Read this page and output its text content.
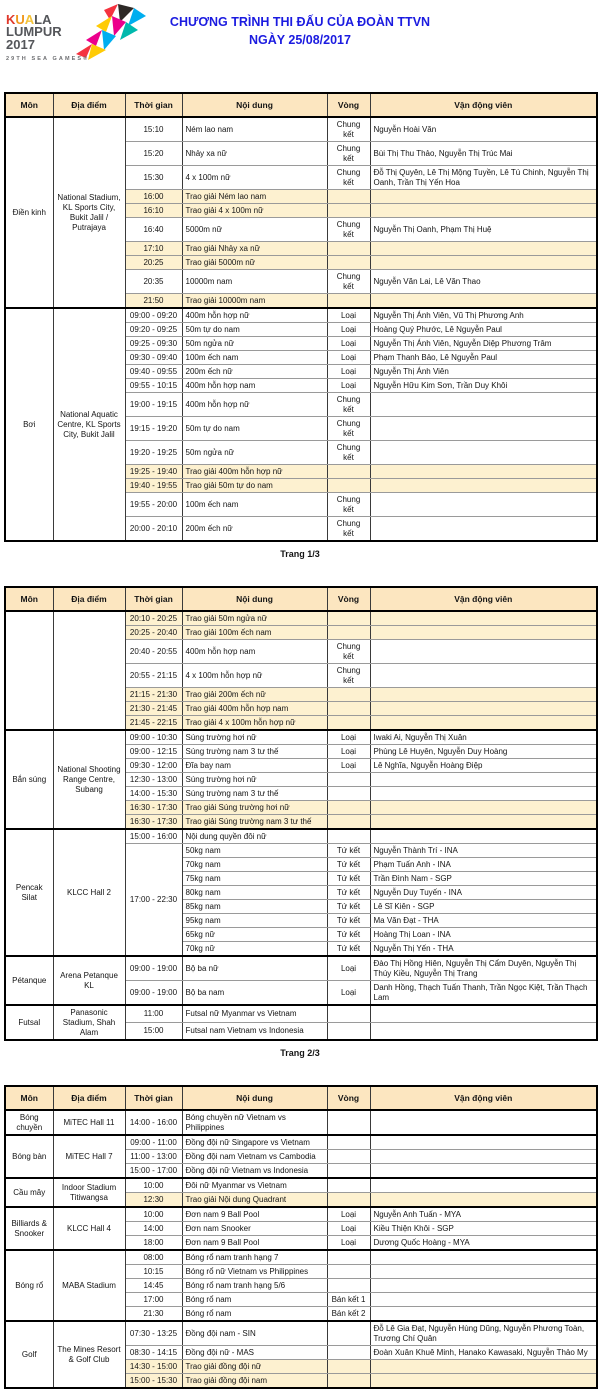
KUALA
LUMPUR
2017
29TH SEA GAMES®
CHƯƠNG TRÌNH THI ĐẤU CỦA ĐOÀN TTVN
NGÀY 25/08/2017
Môn	Địa điểm	Thời gian	Nội dung	Vòng	Vận động viên
Điền kinh	National Stadium, KL Sports City, Bukit Jalil / Putrajaya	15:10	Ném lao nam	Chung kết	Nguyễn Hoài Văn
		15:20	Nhảy xa nữ	Chung kết	Bùi Thị Thu Thảo, Nguyễn Thị Trúc Mai
		15:30	4 x 100m nữ	Chung kết	Đỗ Thị Quyên, Lê Thị Mộng Tuyền, Lê Tú Chinh, Nguyễn Thị Oanh, Trần Thị Yến Hoa
		16:00	Trao giải Ném lao nam		
		16:10	Trao giải 4 x 100m nữ		
		16:40	5000m nữ	Chung kết	Nguyễn Thị Oanh, Phạm Thị Huệ
		17:10	Trao giải Nhảy xa nữ		
		20:25	Trao giải 5000m nữ		
		20:35	10000m nam	Chung kết	Nguyễn Văn Lai, Lê Văn Thao
		21:50	Trao giải 10000m nam		
Bơi	National Aquatic Centre, KL Sports City, Bukit Jalil	09:00 - 09:20	400m hỗn hợp nữ	Loại	Nguyễn Thị Ánh Viên, Vũ Thị Phương Anh
		09:20 - 09:25	50m tự do nam	Loại	Hoàng Quý Phước, Lê Nguyễn Paul
		09:25 - 09:30	50m ngửa nữ	Loại	Nguyễn Thị Ánh Viên, Nguyễn Diệp Phương Trâm
		09:30 - 09:40	100m ếch nam	Loại	Phạm Thanh Bảo, Lê Nguyễn Paul
		09:40 - 09:55	200m ếch nữ	Loại	Nguyễn Thị Ánh Viên
		09:55 - 10:15	400m hỗn hợp nam	Loại	Nguyễn Hữu Kim Sơn, Trần Duy Khôi
		19:00 - 19:15	400m hỗn hợp nữ	Chung kết	
		19:15 - 19:20	50m tự do nam	Chung kết	
		19:20 - 19:25	50m ngửa nữ	Chung kết	
		19:25 - 19:40	Trao giải 400m hỗn hợp nữ		
		19:40 - 19:55	Trao giải 50m tự do nam		
		19:55 - 20:00	100m ếch nam	Chung kết	
		20:00 - 20:10	200m ếch nữ	Chung kết	
Trang 1/3
Môn	Địa điểm	Thời gian	Nội dung	Vòng	Vận động viên
		20:10 - 20:25	Trao giải 50m ngửa nữ		
		20:25 - 20:40	Trao giải 100m ếch nam		
		20:40 - 20:55	400m hỗn hợp nam	Chung kết	
		20:55 - 21:15	4 x 100m hỗn hợp nữ	Chung kết	
		21:15 - 21:30	Trao giải 200m ếch nữ		
		21:30 - 21:45	Trao giải 400m hỗn hợp nam		
		21:45 - 22:15	Trao giải 4 x 100m hỗn hợp nữ		
Bắn súng	National Shooting Range Centre, Subang	09:00 - 10:30	Súng trường hơi nữ	Loại	Iwaki Ai, Nguyễn Thị Xuân
		09:00 - 12:15	Súng trường nam 3 tư thế	Loại	Phùng Lê Huyên, Nguyễn Duy Hoàng
		09:30 - 12:00	Đĩa bay nam	Loại	Lê Nghĩa, Nguyễn Hoàng Điệp
		12:30 - 13:00	Súng trường hơi nữ		
		14:00 - 15:30	Súng trường nam 3 tư thế		
		16:30 - 17:30	Trao giải Súng trường hơi nữ		
		16:30 - 17:30	Trao giải Súng trường nam 3 tư thế		
Pencak Silat	KLCC Hall 2	15:00 - 16:00	Nội dung quyền đôi nữ		
		17:00 - 22:30	50kg nam	Tứ kết	Nguyễn Thành Trí - INA
			70kg nam	Tứ kết	Phạm Tuấn Anh - INA
			75kg nam	Tứ kết	Trần Đình Nam - SGP
			80kg nam	Tứ kết	Nguyễn Duy Tuyến - INA
			85kg nam	Tứ kết	Lê Sĩ Kiên - SGP
			95kg nam	Tứ kết	Ma Văn Đạt - THA
			65kg nữ	Tứ kết	Hoàng Thị Loan - INA
			70kg nữ	Tứ kết	Nguyễn Thị Yến - THA
Pétanque	Arena Petanque KL	09:00 - 19:00	Bộ ba nữ	Loại	Đào Thị Hồng Hiên, Nguyễn Thị Cẩm Duyên, Nguyễn Thị Thúy Kiều, Nguyễn Thị Trang
		09:00 - 19:00	Bộ ba nam	Loại	Danh Hồng, Thạch Tuấn Thanh, Trần Ngọc Kiệt, Trần Thạch Lam
Futsal	Panasonic Stadium, Shah Alam	11:00	Futsal nữ Myanmar vs Vietnam		
		15:00	Futsal nam Vietnam vs Indonesia		
Trang 2/3
Môn	Địa điểm	Thời gian	Nội dung	Vòng	Vận động viên
Bóng chuyền	MiTEC Hall 11	14:00 - 16:00	Bóng chuyền nữ Vietnam vs Philippines		
Bóng bàn	MiTEC Hall 7	09:00 - 11:00	Đồng đội nữ Singapore vs Vietnam		
		11:00 - 13:00	Đồng đội nam Vietnam vs Cambodia		
		15:00 - 17:00	Đồng đội nữ Vietnam vs Indonesia		
Cầu mây	Indoor Stadium Titiwangsa	10:00	Đôi nữ Myanmar vs Vietnam		
		12:30	Trao giải Nội dung Quadrant		
Billiards & Snooker	KLCC Hall 4	10:00	Đơn nam 9 Ball Pool	Loại	Nguyễn Anh Tuấn - MYA
		14:00	Đơn nam Snooker	Loại	Kiều Thiện Khôi - SGP
		18:00	Đơn nam 9 Ball Pool	Loại	Dương Quốc Hoàng - MYA
Bóng rổ	MABA Stadium	08:00	Bóng rổ nam tranh hạng 7		
		10:15	Bóng rổ nữ Vietnam vs Philippines		
		14:45	Bóng rổ nam tranh hạng 5/6		
		17:00	Bóng rổ nam	Bán kết 1	
		21:30	Bóng rổ nam	Bán kết 2	
Golf	The Mines Resort & Golf Club	07:30 - 13:25	Đồng đội nam - SIN		Đỗ Lê Gia Đạt, Nguyễn Hùng Dũng, Nguyễn Phương Toàn, Trương Chí Quân
		08:30 - 14:15	Đồng đội nữ - MAS		Đoàn Xuân Khuê Minh, Hanako Kawasaki, Nguyễn Thảo My
		14:30 - 15:00	Trao giải đồng đội nữ		
		15:00 - 15:30	Trao giải đồng đội nam		
